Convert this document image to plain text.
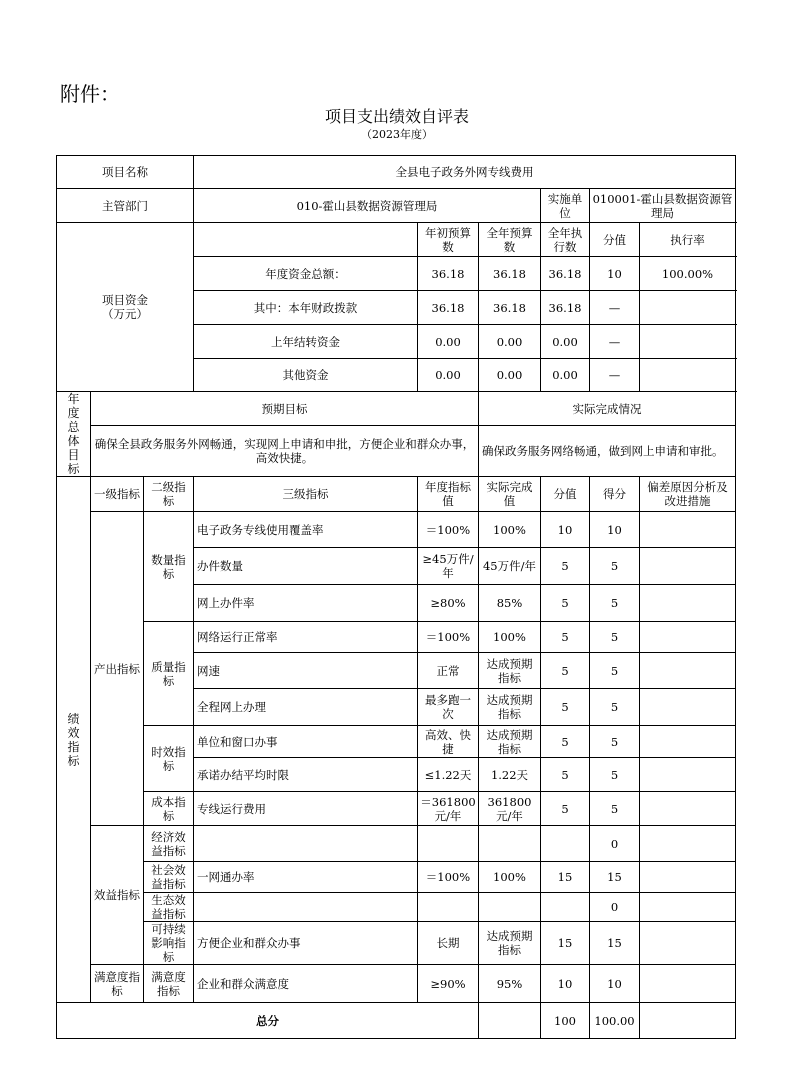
附件：
项目支出绩效自评表
（2023年度）
项目名称			全县电子政务外网专线费用						
主管部门			010-霍山县数据资源管理局			实施单位	010001-霍山县数据资源管理局		
项目资金
（万元）				年初预算数	全年预算数	全年执行数	分值	执行率	
			年度资金总额：	36.18	36.18	36.18	10	100.00%	
			其中：本年财政拨款	36.18	36.18	36.18	—		
			上年结转资金	0.00	0.00	0.00	—		
			其他资金	0.00	0.00	0.00	—		

年度总体目标	预期目标				实际完成情况				
	确保全县政务服务外网畅通，实现网上申请和申批，方便企业和群众办事，高效快捷。				确保政务服务网络畅通，做到网上申请和审批。				

绩效指标	一级指标	二级指标	三级指标	年度指标值	实际完成值	分值	得分	偏差原因分析及改进措施	
	产出指标	数量指标	电子政务专线使用覆盖率	＝100%	100%	10	10		
			办件数量	≥45万件/年	45万件/年	5	5		
			网上办件率	≥80%	85%	5	5		
		质量指标	网络运行正常率	＝100%	100%	5	5		
			网速	正常	达成预期指标	5	5		
			全程网上办理	最多跑一次	达成预期指标	5	5		
		时效指标	单位和窗口办事	高效、快捷	达成预期指标	5	5		
			承诺办结平均时限	≤1.22天	1.22天	5	5		
		成本指标	专线运行费用	＝361800元/年	361800元/年	5	5		
	效益指标	经济效益指标					0		
		社会效益指标	一网通办率	＝100%	100%	15	15		
		生态效益指标					0		
		可持续影响指标	方便企业和群众办事	长期	达成预期指标	15	15		
	满意度指标	满意度指标	企业和群众满意度	≥90%	95%	10	10		
总分						100	100.00		
